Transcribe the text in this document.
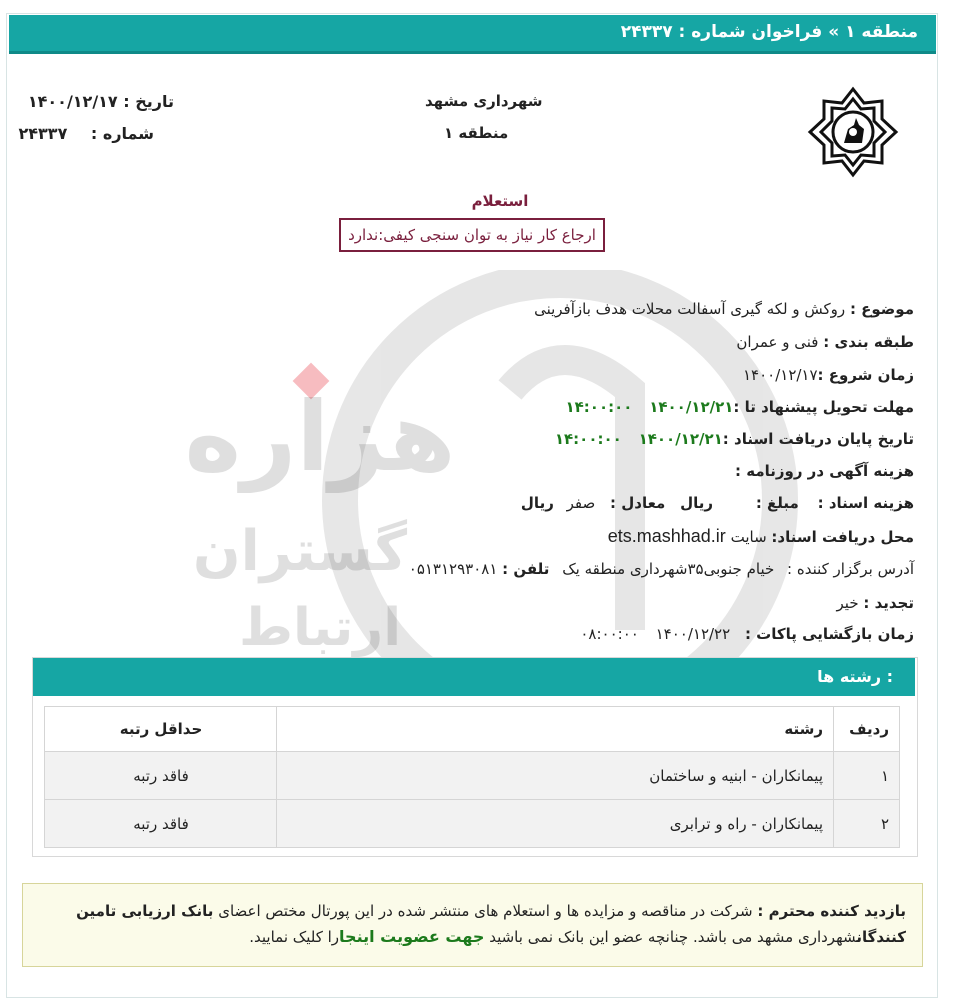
منطقه ۱ » فراخوان شماره : ۲۴۳۳۷
شهرداری مشهد
منطقه ۱
تاریخ : ۱۴۰۰/۱۲/۱۷
شماره : ۲۴۳۳۷
استعلام
ارجاع کار نیاز به توان سنجی کیفی:ندارد
موضوع : روکش و لکه گیری آسفالت محلات هدف بازآفرینی
طبقه بندی : فنی و عمران
زمان شروع :۱۴۰۰/۱۲/۱۷
مهلت تحویل پیشنهاد تا :۱۴۰۰/۱۲/۲۱ ۱۴:۰۰:۰۰
تاریخ پایان دریافت اسناد :۱۴۰۰/۱۲/۲۱ ۱۴:۰۰:۰۰
هزینه آگهی در روزنامه :
هزینه اسناد : مبلغ : ریال معادل : صفر ریال
محل دریافت اسناد: سایت ets.mashhad.ir
آدرس برگزار کننده : خیام جنوبی۳۵شهرداری منطقه یک تلفن : ۰۵۱۳۱۲۹۳۰۸۱
تجدید : خیر
زمان بازگشایی پاکات : ۱۴۰۰/۱۲/۲۲ ۰۸:۰۰:۰۰
رشته ها :
ردیف	رشته	حداقل رتبه
۱	پیمانکاران - ابنیه و ساختمان	فاقد رتبه
۲	پیمانکاران - راه و ترابری	فاقد رتبه
بازدید کننده محترم : شرکت در مناقصه و مزایده ها و استعلام های منتشر شده در این پورتال مختص اعضای بانک ارزیابی تامین کنندگانشهرداری مشهد می باشد. چنانچه عضو این بانک نمی باشید جهت عضویت اینجارا کلیک نمایید.
